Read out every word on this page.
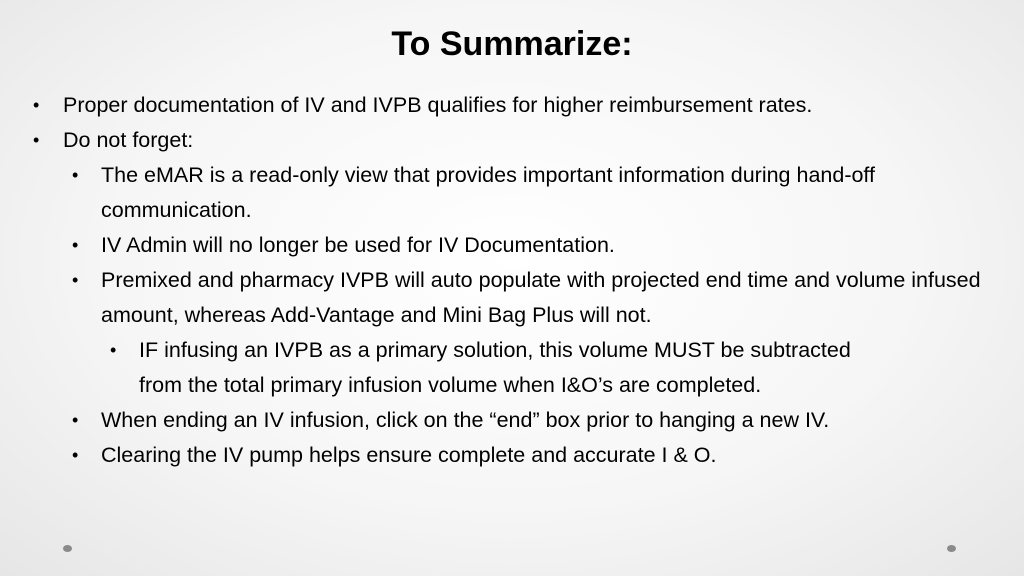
To Summarize:
• Proper documentation of IV and IVPB qualifies for higher reimbursement rates.
• Do not forget:
• The eMAR is a read-only view that provides important information during hand-off communication.
• IV Admin will no longer be used for IV Documentation.
• Premixed and pharmacy IVPB will auto populate with projected end time and volume infused amount, whereas Add-Vantage and Mini Bag Plus will not.
• IF infusing an IVPB as a primary solution, this volume MUST be subtracted from the total primary infusion volume when I&O’s are completed.
• When ending an IV infusion, click on the “end” box prior to hanging a new IV.
• Clearing the IV pump helps ensure complete and accurate I & O.
